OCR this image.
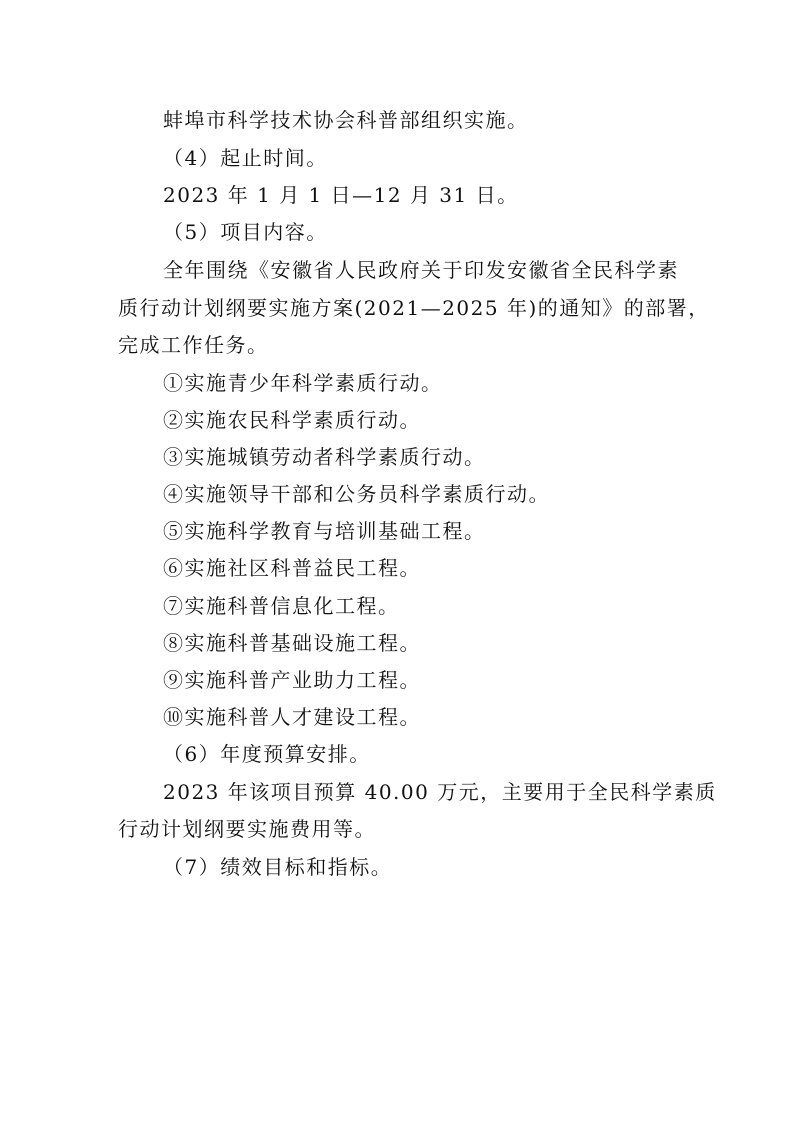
蚌埠市科学技术协会科普部组织实施。

（4）起止时间。

2023 年 1 月 1 日—12 月 31 日。

（5）项目内容。

全年围绕《安徽省人民政府关于印发安徽省全民科学素

质行动计划纲要实施方案(2021—2025 年)的通知》的部署，

完成工作任务。

①实施青少年科学素质行动。

②实施农民科学素质行动。

③实施城镇劳动者科学素质行动。

④实施领导干部和公务员科学素质行动。

⑤实施科学教育与培训基础工程。

⑥实施社区科普益民工程。

⑦实施科普信息化工程。

⑧实施科普基础设施工程。

⑨实施科普产业助力工程。

⑩实施科普人才建设工程。

（6）年度预算安排。

2023 年该项目预算 40.00 万元，主要用于全民科学素质

行动计划纲要实施费用等。

（7）绩效目标和指标。
